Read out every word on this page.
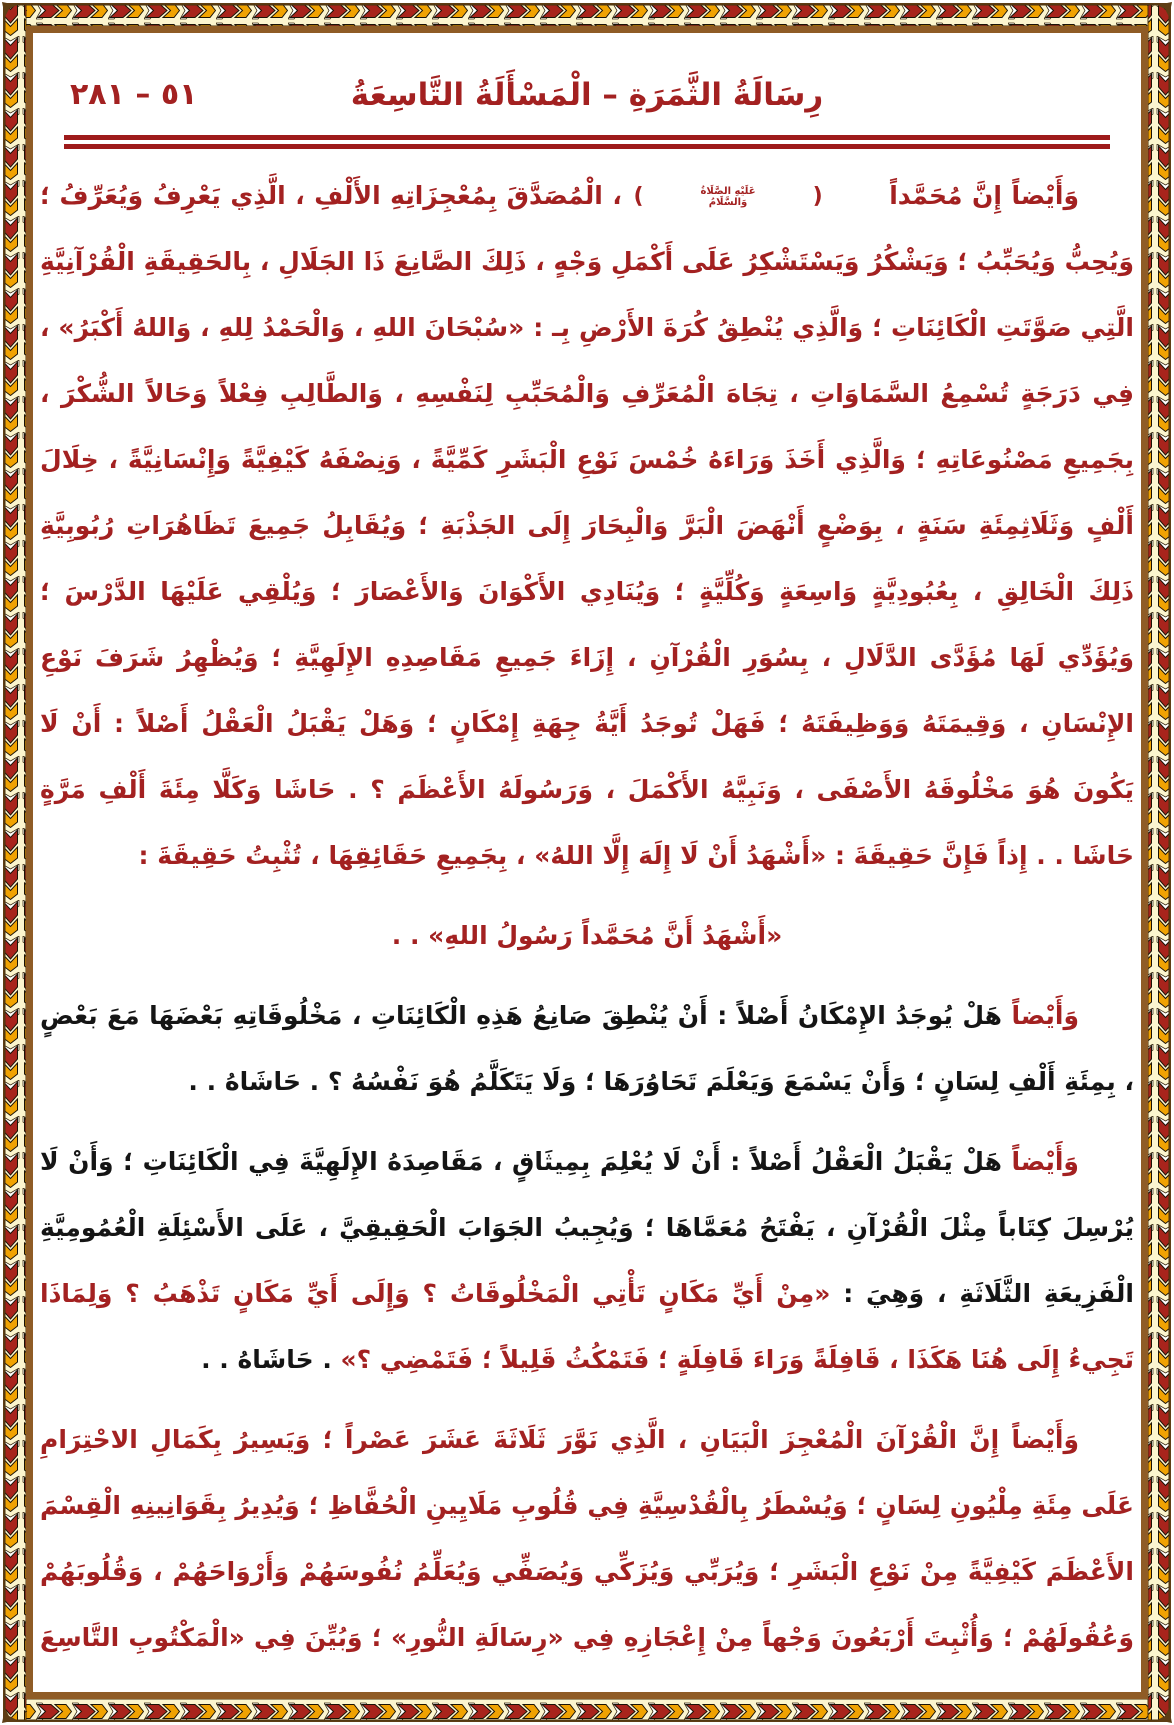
٥١ – ٢٨١	رِسَالَةُ الثَّمَرَةِ – الْمَسْأَلَةُ التَّاسِعَةُ

وَأَيْضاً إِنَّ مُحَمَّداً
(
عَلَيْهِ الصَّلَاةُ
وَالسَّلَامُ
)
، الْمُصَدَّقَ بِمُعْجِزَاتِهِ الأَلْفِ ، الَّذِي يَعْرِفُ وَيُعَرِّفُ ؛ وَيُحِبُّ وَيُحَبِّبُ ؛ وَيَشْكُرُ وَيَسْتَشْكِرُ عَلَى أَكْمَلِ وَجْهٍ ، ذَلِكَ الصَّانِعَ ذَا الجَلَالِ ، بِالحَقِيقَةِ الْقُرْآنِيَّةِ الَّتِي صَوَّتَتِ الْكَائِنَاتِ ؛ وَالَّذِي يُنْطِقُ كُرَةَ الأَرْضِ بِـ : «سُبْحَانَ اللهِ ، وَالْحَمْدُ لِلهِ ، وَاللهُ أَكْبَرُ» ، فِي دَرَجَةٍ تُسْمِعُ السَّمَاوَاتِ ، تِجَاهَ الْمُعَرِّفِ وَالْمُحَبِّبِ لِنَفْسِهِ ، وَالطَّالِبِ فِعْلاً وَحَالاً الشُّكْرَ ، بِجَمِيعِ مَصْنُوعَاتِهِ ؛ وَالَّذِي أَخَذَ وَرَاءَهُ خُمْسَ نَوْعِ الْبَشَرِ كَمِّيَّةً ، وَنِصْفَهُ كَيْفِيَّةً وَإِنْسَانِيَّةً ، خِلَالَ أَلْفٍ وَثَلَاثِمِئَةِ سَنَةٍ ، بِوَضْعٍ أَنْهَضَ الْبَرَّ وَالْبِحَارَ إِلَى الجَذْبَةِ ؛ وَيُقَابِلُ جَمِيعَ تَظَاهُرَاتِ رُبُوبِيَّةِ ذَلِكَ الْخَالِقِ ، بِعُبُودِيَّةٍ وَاسِعَةٍ وَكُلِّيَّةٍ ؛ وَيُنَادِي الأَكْوَانَ وَالأَعْصَارَ ؛ وَيُلْقِي عَلَيْهَا الدَّرْسَ ؛ وَيُؤَدِّي لَهَا مُؤَدَّى الدَّلَالِ ، بِسُوَرِ الْقُرْآنِ ، إِزَاءَ جَمِيعِ مَقَاصِدِهِ الإِلَهِيَّةِ ؛ وَيُظْهِرُ شَرَفَ نَوْعِ الإِنْسَانِ ، وَقِيمَتَهُ وَوَظِيفَتَهُ ؛ فَهَلْ تُوجَدُ أَيَّةُ جِهَةِ إِمْكَانٍ ؛ وَهَلْ يَقْبَلُ الْعَقْلُ أَصْلاً : أَنْ لَا يَكُونَ هُوَ مَخْلُوقَهُ الأَصْفَى ، وَنَبِيَّهُ الأَكْمَلَ ، وَرَسُولَهُ الأَعْظَمَ ؟ . حَاشَا وَكَلَّا مِئَةَ أَلْفِ مَرَّةٍ حَاشَا . . إِذاً فَإِنَّ حَقِيقَةَ : «أَشْهَدُ أَنْ لَا إِلَهَ إِلَّا اللهُ» ، بِجَمِيعِ حَقَائِقِهَا ، تُثْبِتُ حَقِيقَةَ :

«أَشْهَدُ أَنَّ مُحَمَّداً رَسُولُ اللهِ» . .

وَأَيْضاً هَلْ يُوجَدُ الإِمْكَانُ أَصْلاً : أَنْ يُنْطِقَ صَانِعُ هَذِهِ الْكَائِنَاتِ ، مَخْلُوقَاتِهِ بَعْضَهَا مَعَ بَعْضٍ ، بِمِئَةِ أَلْفِ لِسَانٍ ؛ وَأَنْ يَسْمَعَ وَيَعْلَمَ تَحَاوُرَهَا ؛ وَلَا يَتَكَلَّمُ هُوَ نَفْسُهُ ؟ . حَاشَاهُ . .

وَأَيْضاً هَلْ يَقْبَلُ الْعَقْلُ أَصْلاً : أَنْ لَا يُعْلِمَ بِمِيثَاقٍ ، مَقَاصِدَهُ الإِلَهِيَّةَ فِي الْكَائِنَاتِ ؛ وَأَنْ لَا يُرْسِلَ كِتَاباً مِثْلَ الْقُرْآنِ ، يَفْتَحُ مُعَمَّاهَا ؛ وَيُجِيبُ الجَوَابَ الْحَقِيقِيَّ ، عَلَى الأَسْئِلَةِ الْعُمُومِيَّةِ الْفَزِيعَةِ الثَّلَاثَةِ ، وَهِيَ : «مِنْ أَيِّ مَكَانٍ تَأْتِي الْمَخْلُوقَاتُ ؟ وَإِلَى أَيِّ مَكَانٍ تَذْهَبُ ؟ وَلِمَاذَا تَجِيءُ إِلَى هُنَا هَكَذَا ، قَافِلَةً وَرَاءَ قَافِلَةٍ ؛ فَتَمْكُثُ قَلِيلاً ؛ فَتَمْضِي ؟» . حَاشَاهُ . .

وَأَيْضاً إِنَّ الْقُرْآنَ الْمُعْجِزَ الْبَيَانِ ، الَّذِي نَوَّرَ ثَلَاثَةَ عَشَرَ عَصْراً ؛ وَيَسِيرُ بِكَمَالِ الاحْتِرَامِ عَلَى مِئَةِ مِلْيُونِ لِسَانٍ ؛ وَيُسْطَرُ بِالْقُدْسِيَّةِ فِي قُلُوبِ مَلَايِينِ الْحُفَّاظِ ؛ وَيُدِيرُ بِقَوَانِينِهِ الْقِسْمَ الأَعْظَمَ كَيْفِيَّةً مِنْ نَوْعِ الْبَشَرِ ؛ وَيُرَبِّي وَيُزَكِّي وَيُصَفِّي وَيُعَلِّمُ نُفُوسَهُمْ وَأَرْوَاحَهُمْ ، وَقُلُوبَهُمْ وَعُقُولَهُمْ ؛ وَأُثْبِتَ أَرْبَعُونَ وَجْهاً مِنْ إِعْجَازِهِ فِي «رِسَالَةِ النُّورِ» ؛ وَبُيِّنَ فِي «الْمَكْتُوبِ التَّاسِعَ
